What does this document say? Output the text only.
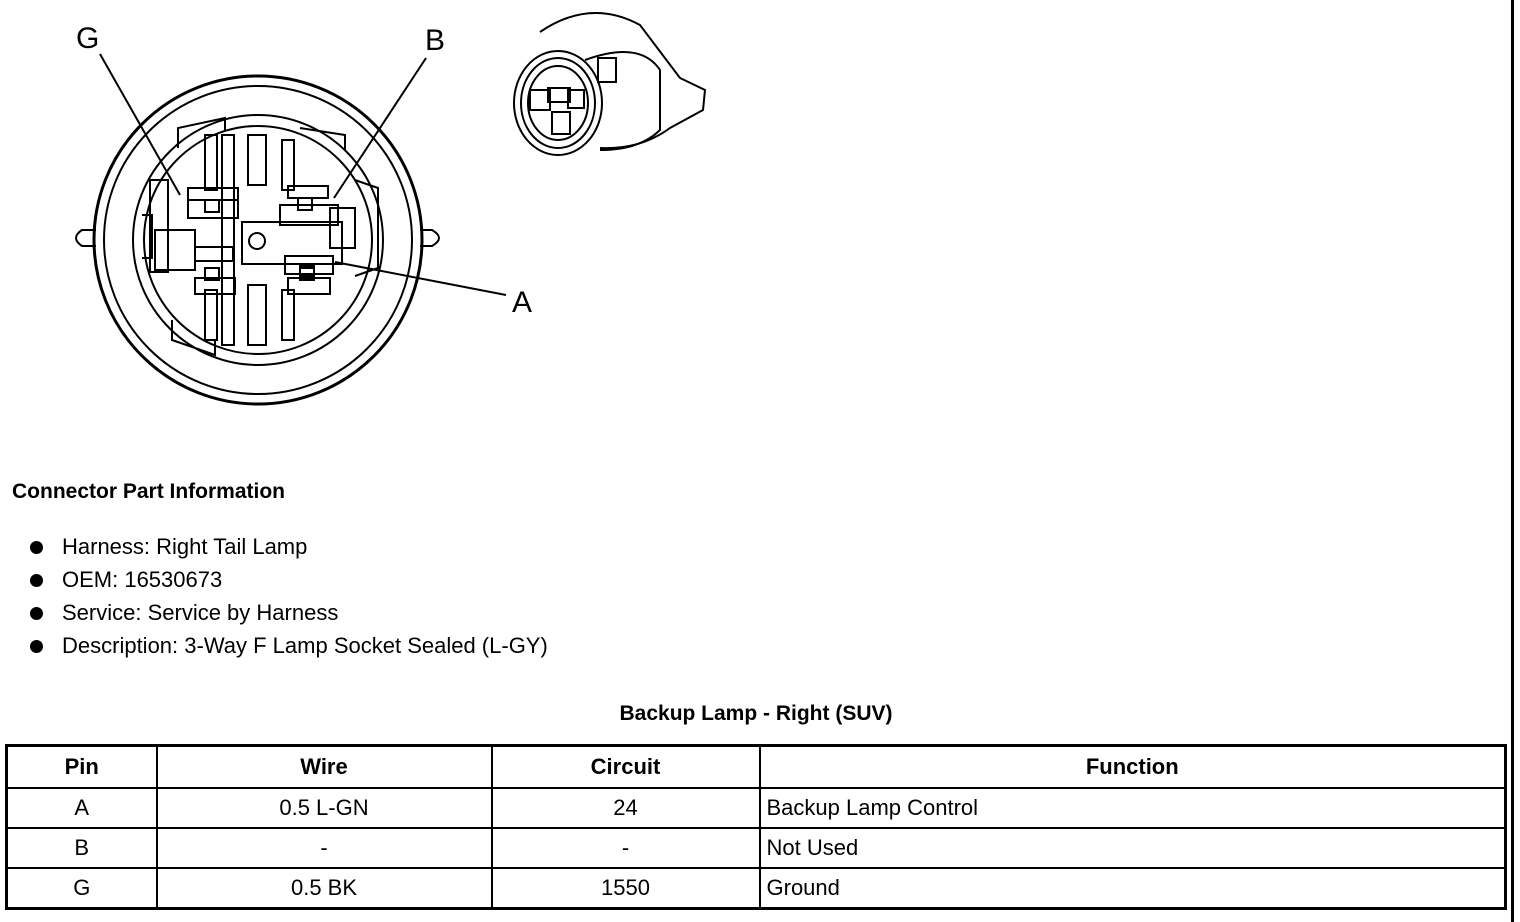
G	B
A
Connector Part Information
Harness: Right Tail Lamp
OEM: 16530673
Service: Service by Harness
Description: 3-Way F Lamp Socket Sealed (L-GY)
Backup Lamp - Right (SUV)
Pin	Wire	Circuit	Function
A	0.5 L-GN	24	Backup Lamp Control
B	-	-	Not Used
G	0.5 BK	1550	Ground
